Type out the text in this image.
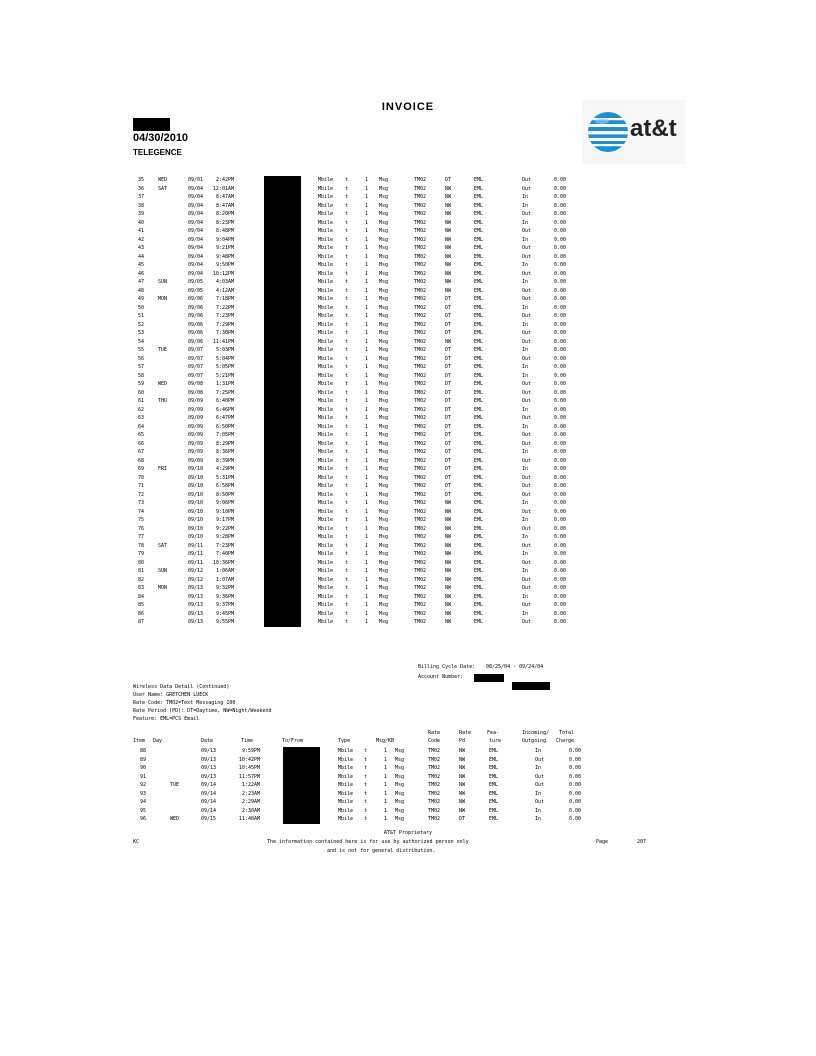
INVOICE
04/30/2010
TELEGENCE
at&t
35	WED	09/01	2:42PM	Mbile t	1 Msg	TM02	DT	EML	Out	0.00
36	SAT	09/04	12:01AM	Mbile t	1 Msg	TM02	NW	EML	Out	0.00
37	09/04	8:47AM	Mbile t	1 Msg	TM02	NW	EML	In	0.00
38	09/04	8:47AM	Mbile t	1 Msg	TM02	NW	EML	In	0.00
39	09/04	8:20PM	Mbile t	1 Msg	TM02	NW	EML	Out	0.00
40	09/04	8:23PM	Mbile t	1 Msg	TM02	NW	EML	In	0.00
41	09/04	8:48PM	Mbile t	1 Msg	TM02	NW	EML	Out	0.00
42	09/04	9:04PM	Mbile t	1 Msg	TM02	NW	EML	In	0.00
43	09/04	9:21PM	Mbile t	1 Msg	TM02	NW	EML	Out	0.00
44	09/04	9:48PM	Mbile t	1 Msg	TM02	NW	EML	Out	0.00
45	09/04	9:50PM	Mbile t	1 Msg	TM02	NW	EML	In	0.00
46	09/04	10:12PM	Mbile t	1 Msg	TM02	NW	EML	Out	0.00
47	SUN	09/05	4:03AM	Mbile t	1 Msg	TM02	NW	EML	In	0.00
48	09/05	4:12AM	Mbile t	1 Msg	TM02	NW	EML	Out	0.00
49	MON	09/06	7:18PM	Mbile t	1 Msg	TM02	DT	EML	Out	0.00
50	09/06	7:22PM	Mbile t	1 Msg	TM02	DT	EML	In	0.00
51	09/06	7:23PM	Mbile t	1 Msg	TM02	DT	EML	Out	0.00
52	09/06	7:29PM	Mbile t	1 Msg	TM02	DT	EML	In	0.00
53	09/06	7:30PM	Mbile t	1 Msg	TM02	DT	EML	Out	0.00
54	09/06	11:41PM	Mbile t	1 Msg	TM02	NW	EML	Out	0.00
55	TUE	09/07	5:03PM	Mbile t	1 Msg	TM02	DT	EML	In	0.00
56	09/07	5:04PM	Mbile t	1 Msg	TM02	DT	EML	Out	0.00
57	09/07	5:05PM	Mbile t	1 Msg	TM02	DT	EML	In	0.00
58	09/07	5:21PM	Mbile t	1 Msg	TM02	DT	EML	In	0.00
59	WED	09/08	1:31PM	Mbile t	1 Msg	TM02	DT	EML	Out	0.00
60	09/08	7:25PM	Mbile t	1 Msg	TM02	DT	EML	Out	0.00
61	THU	09/09	6:40PM	Mbile t	1 Msg	TM02	DT	EML	Out	0.00
62	09/09	6:46PM	Mbile t	1 Msg	TM02	DT	EML	In	0.00
63	09/09	6:47PM	Mbile t	1 Msg	TM02	DT	EML	Out	0.00
64	09/09	6:50PM	Mbile t	1 Msg	TM02	DT	EML	In	0.00
65	09/09	7:05PM	Mbile t	1 Msg	TM02	DT	EML	Out	0.00
66	09/09	8:29PM	Mbile t	1 Msg	TM02	DT	EML	Out	0.00
67	09/09	8:36PM	Mbile t	1 Msg	TM02	DT	EML	In	0.00
68	09/09	8:39PM	Mbile t	1 Msg	TM02	DT	EML	Out	0.00
69	FRI	09/10	4:29PM	Mbile t	1 Msg	TM02	DT	EML	In	0.00
70	09/10	5:31PM	Mbile t	1 Msg	TM02	DT	EML	Out	0.00
71	09/10	6:58PM	Mbile t	1 Msg	TM02	DT	EML	Out	0.00
72	09/10	8:50PM	Mbile t	1 Msg	TM02	DT	EML	Out	0.00
73	09/10	9:06PM	Mbile t	1 Msg	TM02	NW	EML	In	0.00
74	09/10	9:10PM	Mbile t	1 Msg	TM02	NW	EML	Out	0.00
75	09/10	9:17PM	Mbile t	1 Msg	TM02	NW	EML	In	0.00
76	09/10	9:22PM	Mbile t	1 Msg	TM02	NW	EML	Out	0.00
77	09/10	9:28PM	Mbile t	1 Msg	TM02	NW	EML	In	0.00
78	SAT	09/11	7:23PM	Mbile t	1 Msg	TM02	NW	EML	Out	0.00
79	09/11	7:40PM	Mbile t	1 Msg	TM02	NW	EML	In	0.00
80	09/11	10:36PM	Mbile t	1 Msg	TM02	NW	EML	Out	0.00
81	SUN	09/12	1:06AM	Mbile t	1 Msg	TM02	NW	EML	In	0.00
82	09/12	1:07AM	Mbile t	1 Msg	TM02	NW	EML	Out	0.00
83	MON	09/13	9:32PM	Mbile t	1 Msg	TM02	NW	EML	Out	0.00
84	09/13	9:36PM	Mbile t	1 Msg	TM02	NW	EML	In	0.00
85	09/13	9:37PM	Mbile t	1 Msg	TM02	NW	EML	Out	0.00
86	09/13	9:45PM	Mbile t	1 Msg	TM02	NW	EML	In	0.00
87	09/13	9:55PM	Mbile t	1 Msg	TM02	NW	EML	Out	0.00
Billing Cycle Date: 08/25/04 - 09/24/04
Account Number:
Wireless Data Detail (Continued)
User Name: GRETCHEN LUECK
Rate Code: TM02=Text Messaging 100
Rate Period (PD): DT=Daytime, NW=Night/Weekend
Feature: EML=PCS Email
Rate	Rate	Fea-	Incoming/ Total
Item Day	Date	Time	To/From	Type	Msg/KB	Code	Pd	ture	Outgoing Charge
88	09/13	9:59PM	Mbile t	1 Msg	TM02	NW	EML	In	0.00
89	09/13	10:42PM	Mbile t	1 Msg	TM02	NW	EML	Out	0.00
90	09/13	10:45PM	Mbile t	1 Msg	TM02	NW	EML	In	0.00
91	09/13	11:57PM	Mbile t	1 Msg	TM02	NW	EML	Out	0.00
92	TUE	09/14	1:22AM	Mbile t	1 Msg	TM02	NW	EML	Out	0.00
93	09/14	2:23AM	Mbile t	1 Msg	TM02	NW	EML	In	0.00
94	09/14	2:29AM	Mbile t	1 Msg	TM02	NW	EML	Out	0.00
95	09/14	2:30AM	Mbile t	1 Msg	TM02	NW	EML	In	0.00
96	WED	09/15	11:48AM	Mbile t	1 Msg	TM02	DT	EML	In	0.00
KC
AT&T Proprietary
The information contained here is for use by authorized person only
and is not for general distribution.
Page	207
